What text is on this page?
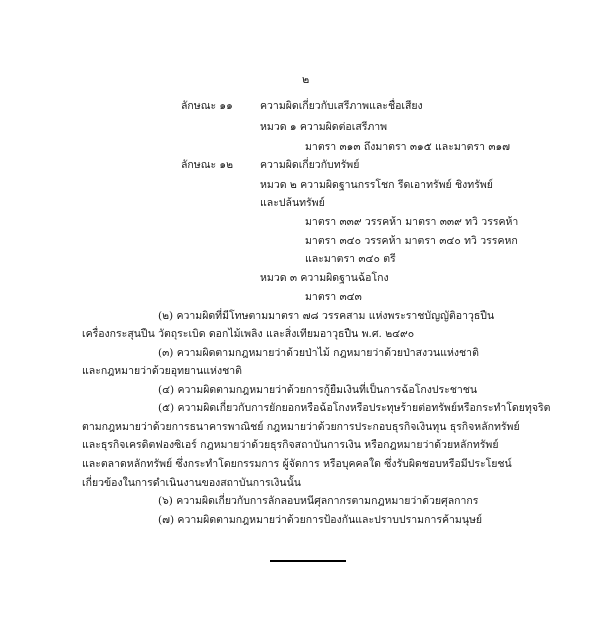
๒
ลักษณะ ๑๑	ความผิดเกี่ยวกับเสรีภาพและชื่อเสียง
หมวด ๑ ความผิดต่อเสรีภาพ
มาตรา ๓๑๓ ถึงมาตรา ๓๑๕ และมาตรา ๓๑๗
ลักษณะ ๑๒	ความผิดเกี่ยวกับทรัพย์
หมวด ๒ ความผิดฐานกรรโชก รีดเอาทรัพย์ ชิงทรัพย์
และปล้นทรัพย์
มาตรา ๓๓๙ วรรคห้า มาตรา ๓๓๙ ทวิ วรรคห้า
มาตรา ๓๔๐ วรรคห้า มาตรา ๓๔๐ ทวิ วรรคหก
และมาตรา ๓๔๐ ตรี
หมวด ๓ ความผิดฐานฉ้อโกง
มาตรา ๓๔๓
(๒) ความผิดที่มีโทษตามมาตรา ๗๘ วรรคสาม แห่งพระราชบัญญัติอาวุธปืน
เครื่องกระสุนปืน วัตถุระเบิด ดอกไม้เพลิง และสิ่งเทียมอาวุธปืน พ.ศ. ๒๔๙๐
(๓) ความผิดตามกฎหมายว่าด้วยป่าไม้ กฎหมายว่าด้วยป่าสงวนแห่งชาติ
และกฎหมายว่าด้วยอุทยานแห่งชาติ
(๔) ความผิดตามกฎหมายว่าด้วยการกู้ยืมเงินที่เป็นการฉ้อโกงประชาชน
(๕) ความผิดเกี่ยวกับการยักยอกหรือฉ้อโกงหรือประทุษร้ายต่อทรัพย์หรือกระทำโดยทุจริต
ตามกฎหมายว่าด้วยการธนาคารพาณิชย์ กฎหมายว่าด้วยการประกอบธุรกิจเงินทุน ธุรกิจหลักทรัพย์
และธุรกิจเครดิตฟองซิเอร์ กฎหมายว่าด้วยธุรกิจสถาบันการเงิน หรือกฎหมายว่าด้วยหลักทรัพย์
และตลาดหลักทรัพย์ ซึ่งกระทำโดยกรรมการ ผู้จัดการ หรือบุคคลใด ซึ่งรับผิดชอบหรือมีประโยชน์
เกี่ยวข้องในการดำเนินงานของสถาบันการเงินนั้น
(๖) ความผิดเกี่ยวกับการลักลอบหนีศุลกากรตามกฎหมายว่าด้วยศุลกากร
(๗) ความผิดตามกฎหมายว่าด้วยการป้องกันและปราบปรามการค้ามนุษย์
